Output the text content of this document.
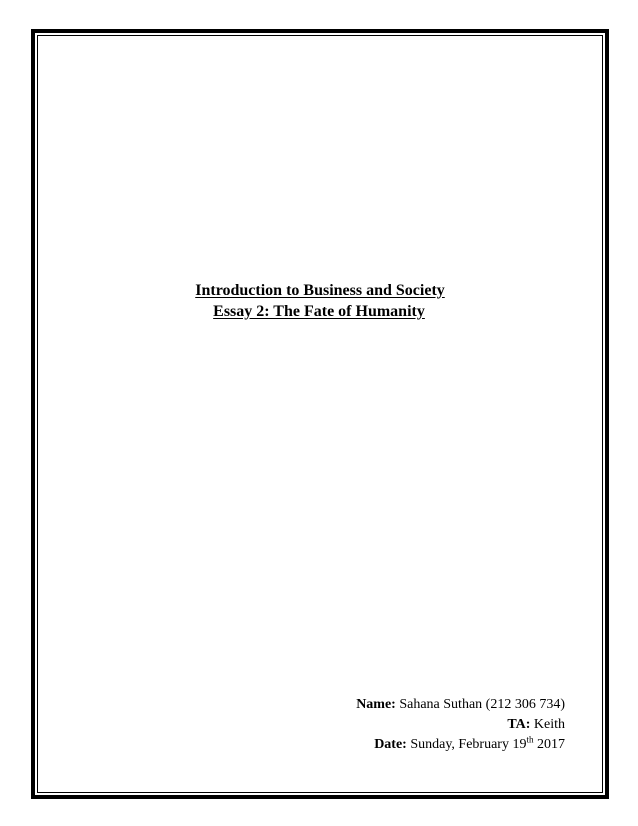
Introduction to Business and Society
Essay 2: The Fate of Humanity
Name: Sahana Suthan (212 306 734)
TA: Keith
Date: Sunday, February 19th 2017
